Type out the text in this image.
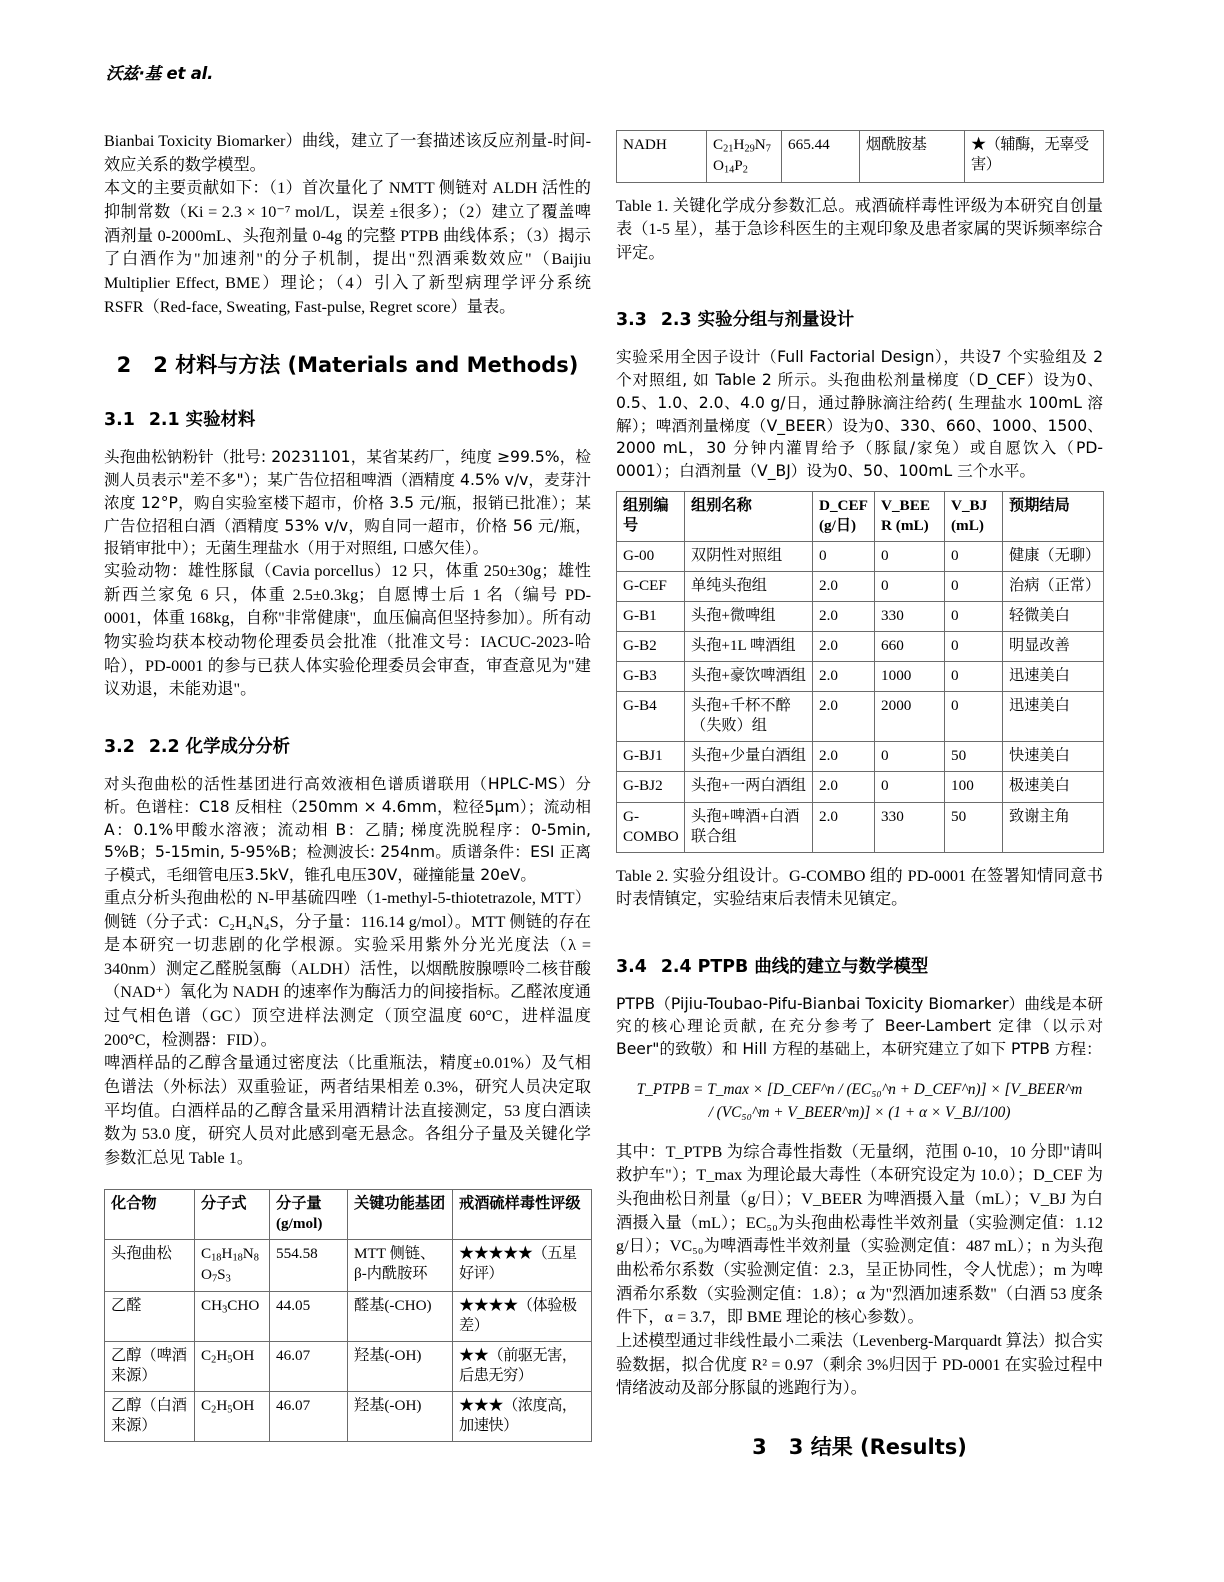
沃兹·基 et al.

Bianbai Toxicity Biomarker）曲线，建立了一套描述该反应剂量-时间-效应关系的数学模型。

本文的主要贡献如下：（1）首次量化了 NMTT 侧链对 ALDH 活性的抑制常数（Ki = 2.3 × 10⁻⁷ mol/L，误差 ±很多）；（2）建立了覆盖啤酒剂量 0-2000mL、头孢剂量 0-4g 的完整 PTPB 曲线体系；（3）揭示了白酒作为"加速剂"的分子机制，提出"烈酒乘数效应"（Baijiu Multiplier Effect, BME）理论；（4）引入了新型病理学评分系统 RSFR（Red-face, Sweating, Fast-pulse, Regret score）量表。

2 2 材料与方法 (Materials and Methods)
3.1 2.1 实验材料

头孢曲松钠粉针（批号: 20231101，某省某药厂，纯度 ≥99.5%，检测人员表示"差不多"）；某广告位招租啤酒（酒精度 4.5% v/v，麦芽汁浓度 12°P，购自实验室楼下超市，价格 3.5 元/瓶，报销已批准）；某广告位招租白酒（酒精度 53% v/v，购自同一超市，价格 56 元/瓶，报销审批中）；无菌生理盐水（用于对照组, 口感欠佳）。

实验动物：雄性豚鼠（Cavia porcellus）12 只，体重 250±30g；雄性新西兰家兔 6 只，体重 2.5±0.3kg；自愿博士后 1 名（编号 PD-0001，体重 168kg，自称"非常健康"，血压偏高但坚持参加）。所有动物实验均获本校动物伦理委员会批准（批准文号：IACUC-2023-哈哈），PD-0001 的参与已获人体实验伦理委员会审查，审查意见为"建议劝退，未能劝退"。

3.2 2.2 化学成分分析

对头孢曲松的活性基团进行高效液相色谱质谱联用（HPLC-MS）分析。色谱柱：C18 反相柱（250mm × 4.6mm，粒径5μm）；流动相 A：0.1%甲酸水溶液；流动相 B：乙腈; 梯度洗脱程序：0-5min, 5%B；5-15min, 5-95%B；检测波长: 254nm。质谱条件：ESI 正离子模式，毛细管电压3.5kV，锥孔电压30V，碰撞能量 20eV。

重点分析头孢曲松的 N-甲基硫四唑（1-methyl-5-thiotetrazole, MTT）侧链（分子式：C₂H₄N₄S，分子量：116.14 g/mol）。MTT 侧链的存在是本研究一切悲剧的化学根源。实验采用紫外分光光度法（λ = 340nm）测定乙醛脱氢酶（ALDH）活性，以烟酰胺腺嘌呤二核苷酸（NAD⁺）氧化为 NADH 的速率作为酶活力的间接指标。乙醛浓度通过气相色谱（GC）顶空进样法测定（顶空温度 60°C，进样温度 200°C，检测器：FID）。

啤酒样品的乙醇含量通过密度法（比重瓶法，精度±0.01%）及气相色谱法（外标法）双重验证，两者结果相差 0.3%，研究人员决定取平均值。白酒样品的乙醇含量采用酒精计法直接测定，53 度白酒读数为 53.0 度，研究人员对此感到毫无悬念。各组分子量及关键化学参数汇总见 Table 1。

化合物	分子式	分子量 (g/mol)	关键功能基团	戒酒硫样毒性评级
头孢曲松	$C_{18}H_{18}N_8O_7S_3$	554.58	MTT 侧链、β-内酰胺环	★★★★★（五星好评）
乙醛	$CH_3CHO$	44.05	醛基(-CHO)	★★★★（体验极差）
乙醇（啤酒来源）	$C_2H_5OH$	46.07	羟基(-OH)	★★（前驱无害，后患无穷）
乙醇（白酒来源）	$C_2H_5OH$	46.07	羟基(-OH)	★★★（浓度高，加速快）
NADH	$C_{21}H_{29}N_7O_{14}P_2$	665.44	烟酰胺基	★（辅酶，无辜受害）

Table 1. 关键化学成分参数汇总。戒酒硫样毒性评级为本研究自创量表（1-5 星），基于急诊科医生的主观印象及患者家属的哭诉频率综合评定。

3.3 2.3 实验分组与剂量设计

实验采用全因子设计（Full Factorial Design），共设7 个实验组及 2 个对照组, 如 Table 2 所示。头孢曲松剂量梯度（D_CEF）设为0、0.5、1.0、2.0、4.0 g/日，通过静脉滴注给药( 生理盐水 100mL 溶解）；啤酒剂量梯度（V_BEER）设为0、330、660、1000、1500、2000 mL，30 分钟内灌胃给予（豚鼠/家兔）或自愿饮入（PD-0001）；白酒剂量（V_BJ）设为0、50、100mL 三个水平。

组别编号	组别名称	D_CEF (g/日)	V_BEER (mL)	V_BJ (mL)	预期结局
G-00	双阴性对照组	0	0	0	健康（无聊）
G-CEF	单纯头孢组	2.0	0	0	治病（正常）
G-B1	头孢+微啤组	2.0	330	0	轻微美白
G-B2	头孢+1L 啤酒组	2.0	660	0	明显改善
G-B3	头孢+豪饮啤酒组	2.0	1000	0	迅速美白
G-B4	头孢+千杯不醉（失败）组	2.0	2000	0	迅速美白
G-BJ1	头孢+少量白酒组	2.0	0	50	快速美白
G-BJ2	头孢+一两白酒组	2.0	0	100	极速美白
G-COMBO	头孢+啤酒+白酒联合组	2.0	330	50	致谢主角

Table 2. 实验分组设计。G-COMBO 组的 PD-0001 在签署知情同意书时表情镇定，实验结束后表情未见镇定。

3.4 2.4 PTPB 曲线的建立与数学模型

PTPB（Pijiu-Toubao-Pifu-Bianbai Toxicity Biomarker）曲线是本研究的核心理论贡献, 在充分参考了 Beer-Lambert 定律（以示对Beer"的致敬）和 Hill 方程的基础上，本研究建立了如下 PTPB 方程：

T_PTPB = T_max × [D_CEF^n / (EC₅₀^n + D_CEF^n)] × [V_BEER^m
/ (VC₅₀^m + V_BEER^m)] × (1 + α × V_BJ/100)

其中：T_PTPB 为综合毒性指数（无量纲，范围 0-10，10 分即"请叫救护车"）；T_max 为理论最大毒性（本研究设定为 10.0）；D_CEF 为头孢曲松日剂量（g/日）；V_BEER 为啤酒摄入量（mL）；V_BJ 为白酒摄入量（mL）；EC₅₀为头孢曲松毒性半效剂量（实验测定值：1.12 g/日）；VC₅₀为啤酒毒性半效剂量（实验测定值：487 mL）；n 为头孢曲松希尔系数（实验测定值：2.3，呈正协同性，令人忧虑）；m 为啤酒希尔系数（实验测定值：1.8）；α 为"烈酒加速系数"（白酒 53 度条件下，α = 3.7，即 BME 理论的核心参数）。

上述模型通过非线性最小二乘法（Levenberg-Marquardt 算法）拟合实验数据，拟合优度 R² = 0.97（剩余 3%归因于 PD-0001 在实验过程中情绪波动及部分豚鼠的逃跑行为）。

3 3 结果 (Results)
